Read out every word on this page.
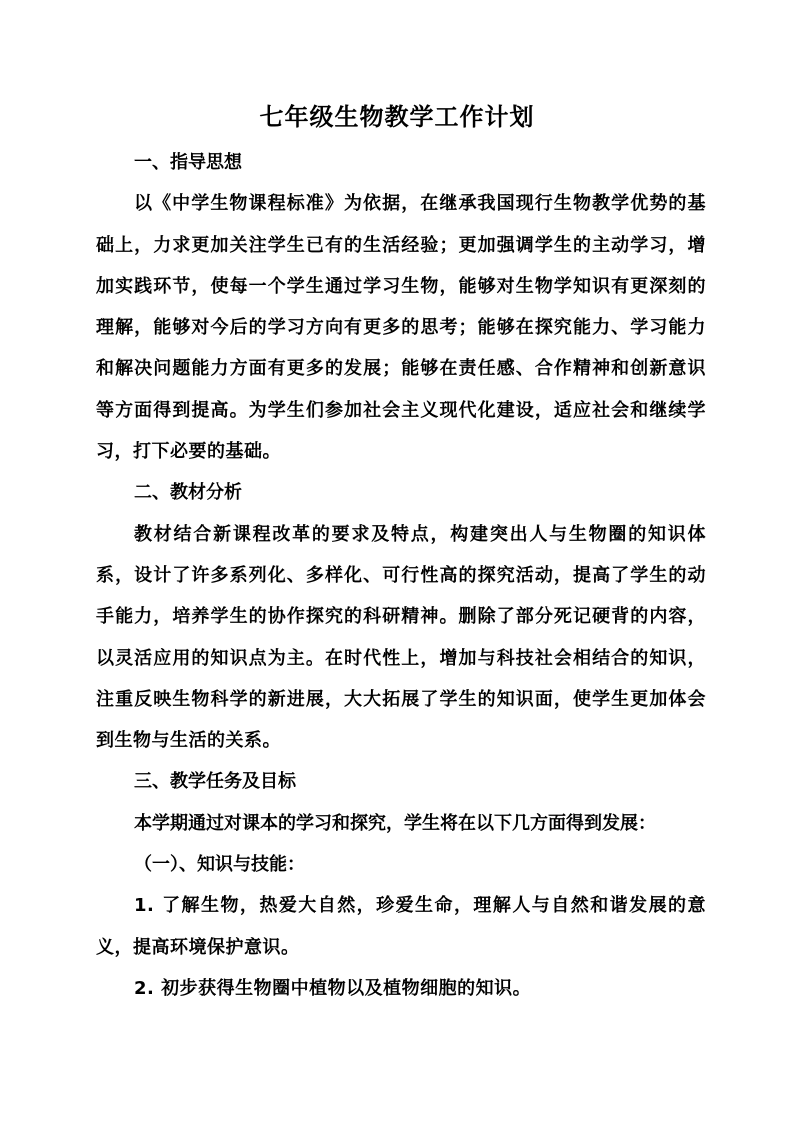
七年级生物教学工作计划

一、指导思想

以《中学生物课程标准》为依据，在继承我国现行生物教学优势的基础上，力求更加关注学生已有的生活经验；更加强调学生的主动学习，增加实践环节，使每一个学生通过学习生物，能够对生物学知识有更深刻的理解，能够对今后的学习方向有更多的思考；能够在探究能力、学习能力和解决问题能力方面有更多的发展；能够在责任感、合作精神和创新意识等方面得到提高。为学生们参加社会主义现代化建设，适应社会和继续学习，打下必要的基础。

二、教材分析

教材结合新课程改革的要求及特点，构建突出人与生物圈的知识体系，设计了许多系列化、多样化、可行性高的探究活动，提高了学生的动手能力，培养学生的协作探究的科研精神。删除了部分死记硬背的内容，以灵活应用的知识点为主。在时代性上，增加与科技社会相结合的知识，注重反映生物科学的新进展，大大拓展了学生的知识面，使学生更加体会到生物与生活的关系。

三、教学任务及目标

本学期通过对课本的学习和探究，学生将在以下几方面得到发展：

（一）、知识与技能：

1. 了解生物，热爱大自然，珍爱生命，理解人与自然和谐发展的意义，提高环境保护意识。

2. 初步获得生物圈中植物以及植物细胞的知识。
